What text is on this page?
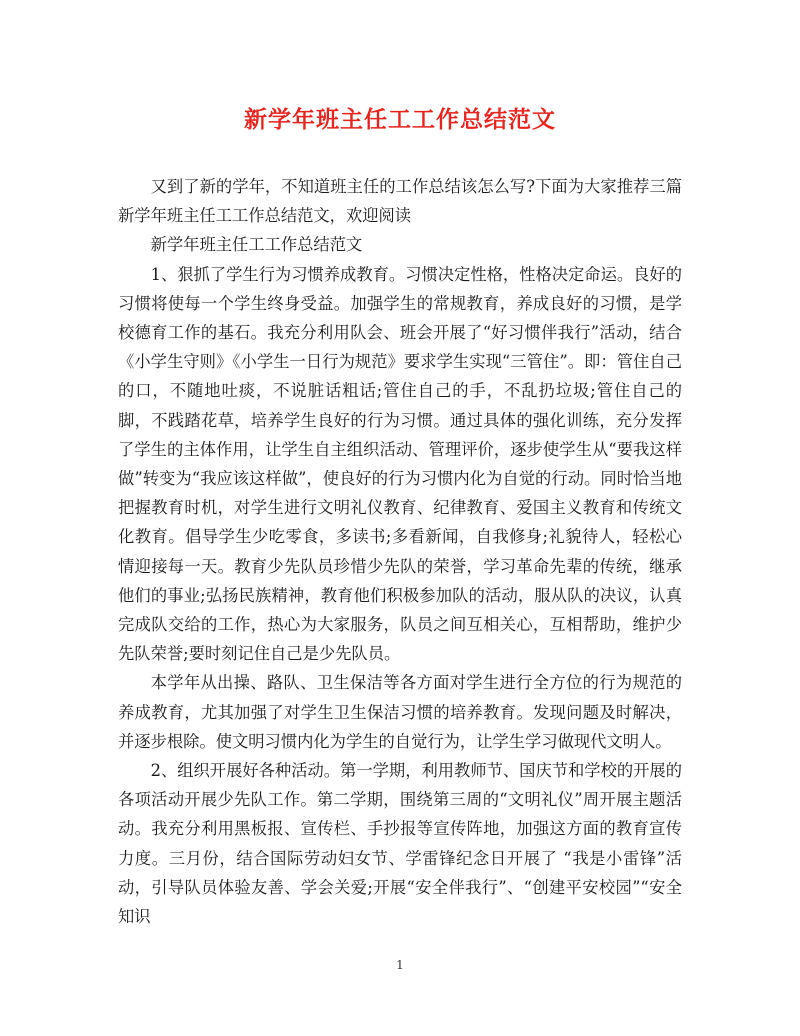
新学年班主任工工作总结范文

又到了新的学年，不知道班主任的工作总结该怎么写?下面为大家推荐三篇新学年班主任工工作总结范文，欢迎阅读

新学年班主任工工作总结范文

1、狠抓了学生行为习惯养成教育。习惯决定性格，性格决定命运。良好的习惯将使每一个学生终身受益。加强学生的常规教育，养成良好的习惯，是学校德育工作的基石。我充分利用队会、班会开展了“好习惯伴我行”活动，结合《小学生守则》《小学生一日行为规范》要求学生实现“三管住”。即：管住自己的口，不随地吐痰，不说脏话粗话;管住自己的手，不乱扔垃圾;管住自己的脚，不践踏花草，培养学生良好的行为习惯。通过具体的强化训练，充分发挥了学生的主体作用，让学生自主组织活动、管理评价，逐步使学生从“要我这样做”转变为“我应该这样做”，使良好的行为习惯内化为自觉的行动。同时恰当地把握教育时机，对学生进行文明礼仪教育、纪律教育、爱国主义教育和传统文化教育。倡导学生少吃零食，多读书;多看新闻，自我修身;礼貌待人，轻松心情迎接每一天。教育少先队员珍惜少先队的荣誉，学习革命先辈的传统，继承他们的事业;弘扬民族精神，教育他们积极参加队的活动，服从队的决议，认真完成队交给的工作，热心为大家服务，队员之间互相关心，互相帮助，维护少先队荣誉;要时刻记住自己是少先队员。

本学年从出操、路队、卫生保洁等各方面对学生进行全方位的行为规范的养成教育，尤其加强了对学生卫生保洁习惯的培养教育。发现问题及时解决，并逐步根除。使文明习惯内化为学生的自觉行为，让学生学习做现代文明人。

2、组织开展好各种活动。第一学期，利用教师节、国庆节和学校的开展的各项活动开展少先队工作。第二学期，围绕第三周的“文明礼仪”周开展主题活动。我充分利用黑板报、宣传栏、手抄报等宣传阵地，加强这方面的教育宣传力度。三月份，结合国际劳动妇女节、学雷锋纪念日开展了 “我是小雷锋”活动，引导队员体验友善、学会关爱;开展“安全伴我行”、“创建平安校园”“安全知识

1
